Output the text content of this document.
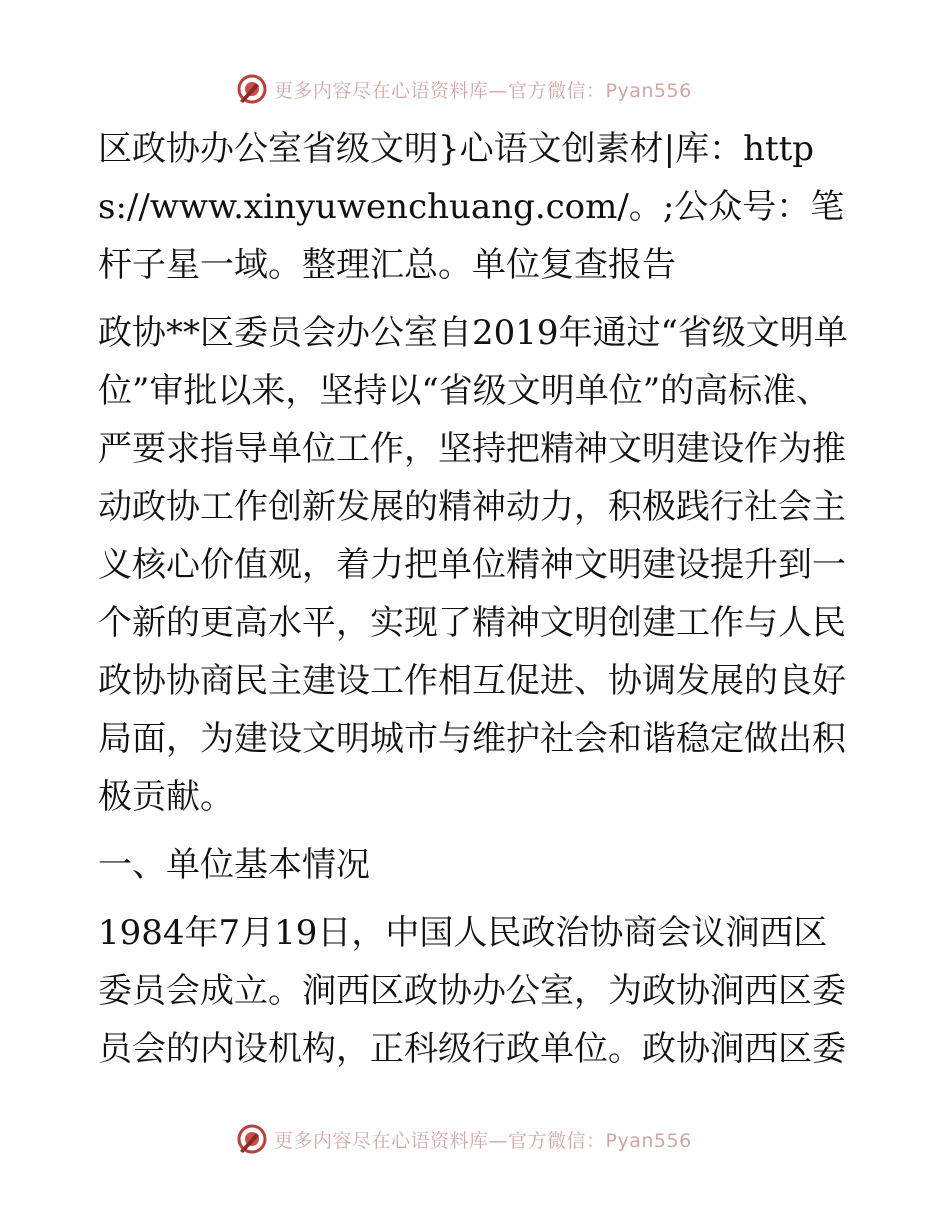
更多内容尽在心语资料库—官方微信：Pyan556

区政协办公室省级文明}心语文创素材|库：https://www.xinyuwenchuang.com/。;公众号：笔杆子星一域。整理汇总。单位复查报告

政协**区委员会办公室自2019年通过“省级文明单位”审批以来，坚持以“省级文明单位”的高标准、严要求指导单位工作，坚持把精神文明建设作为推动政协工作创新发展的精神动力，积极践行社会主义核心价值观，着力把单位精神文明建设提升到一个新的更高水平，实现了精神文明创建工作与人民政协协商民主建设工作相互促进、协调发展的良好局面，为建设文明城市与维护社会和谐稳定做出积极贡献。

一、单位基本情况

1984年7月19日，中国人民政治协商会议涧西区委员会成立。涧西区政协办公室，为政协涧西区委员会的内设机构，正科级行政单位。政协涧西区委

更多内容尽在心语资料库—官方微信：Pyan556
